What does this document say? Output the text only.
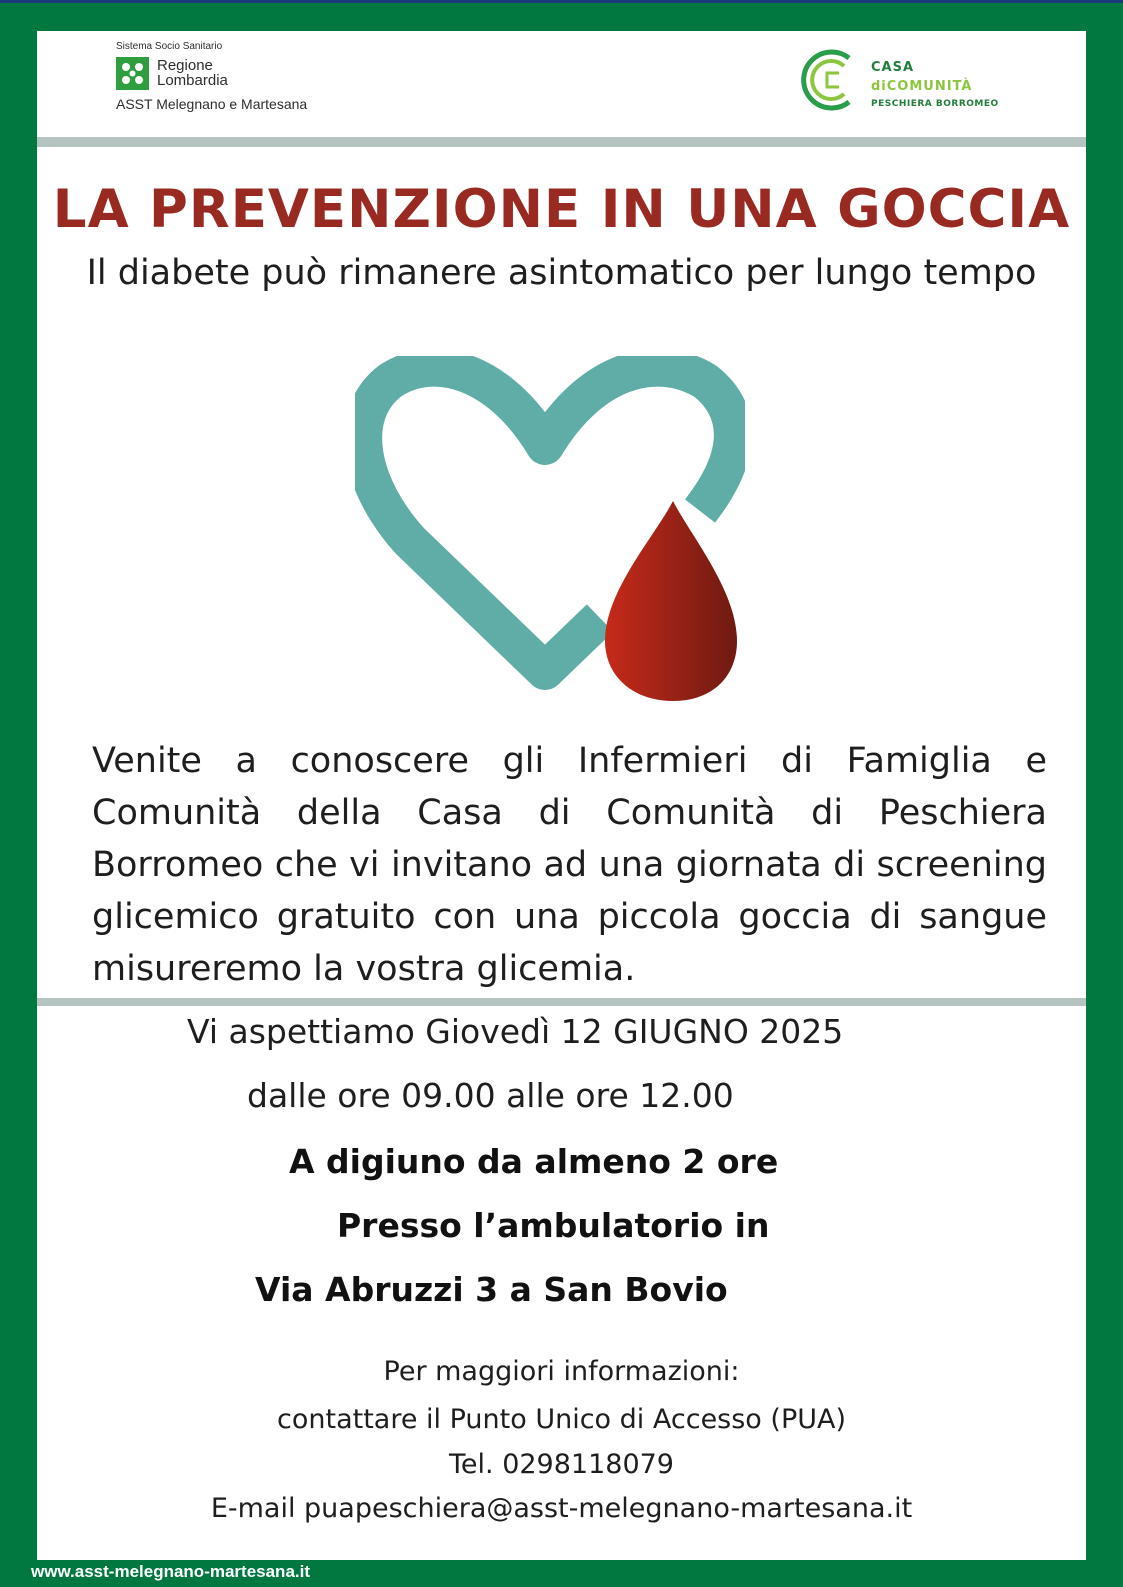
Sistema Socio Sanitario
Regione
Lombardia
ASST Melegnano e Martesana
CASA
diCOMUNITÀ
PESCHIERA BORROMEO
LA PREVENZIONE IN UNA GOCCIA
Il diabete può rimanere asintomatico per lungo tempo
Venite a conoscere gli Infermieri di Famiglia e Comunità della Casa di Comunità di Peschiera Borromeo che vi invitano ad una giornata di screening glicemico gratuito con una piccola goccia di sangue misureremo la vostra glicemia.
Vi aspettiamo Giovedì 12 GIUGNO 2025
dalle ore 09.00 alle ore 12.00
A digiuno da almeno 2 ore
Presso l’ambulatorio in
Via Abruzzi 3 a San Bovio
Per maggiori informazioni:
contattare il Punto Unico di Accesso (PUA)
Tel. 0298118079
E-mail puapeschiera@asst-melegnano-martesana.it
www.asst-melegnano-martesana.it
